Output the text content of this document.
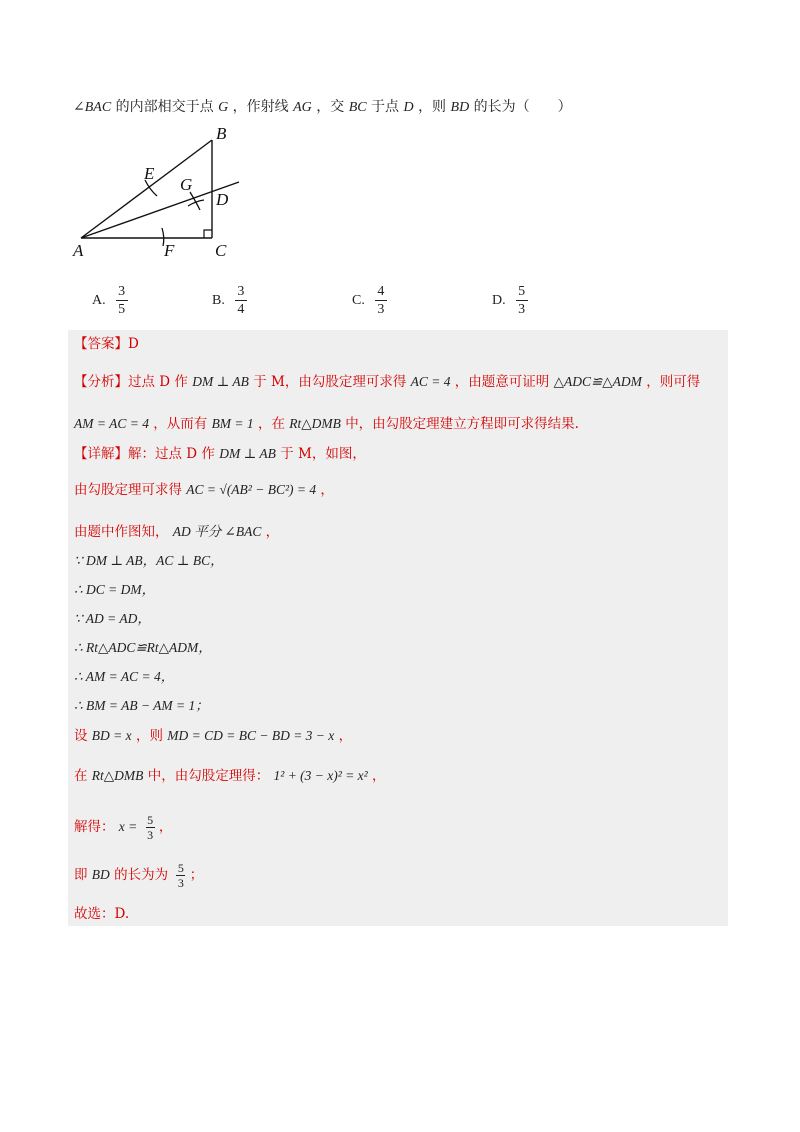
∠BAC 的内部相交于点 G ，作射线 AG ，交 BC 于点 D ，则 BD 的长为（　　）
B
E
G
D
A	F C
A. $\frac{3}{5}$	B. $\frac{3}{4}$	C. $\frac{4}{3}$	D. $\frac{5}{3}$
【答案】D
【分析】过点 D 作 DM ⊥ AB 于 M，由勾股定理可求得 AC = 4 ，由题意可证明 △ADC≌△ADM ，则可得
AM = AC = 4 ，从而有 BM = 1 ，在 Rt△DMB 中，由勾股定理建立方程即可求得结果.
【详解】解：过点 D 作 DM ⊥ AB 于 M，如图，
由勾股定理可求得 AC = √(AB² − BC²) = 4 ，
由题中作图知， AD 平分 ∠BAC ，
∵ DM ⊥ AB，AC ⊥ BC，
∴ DC = DM，
∵ AD = AD，
∴ Rt△ADC≌Rt△ADM，
∴ AM = AC = 4，
∴ BM = AB − AM = 1；
设 BD = x ，则 MD = CD = BC − BD = 3 − x ，
在 Rt△DMB 中，由勾股定理得： 1² + (3 − x)² = x² ，
解得： $x = \frac{5}{3}$ ，
即 BD 的长为为 $\frac{5}{3}$ ；
故选：D.
